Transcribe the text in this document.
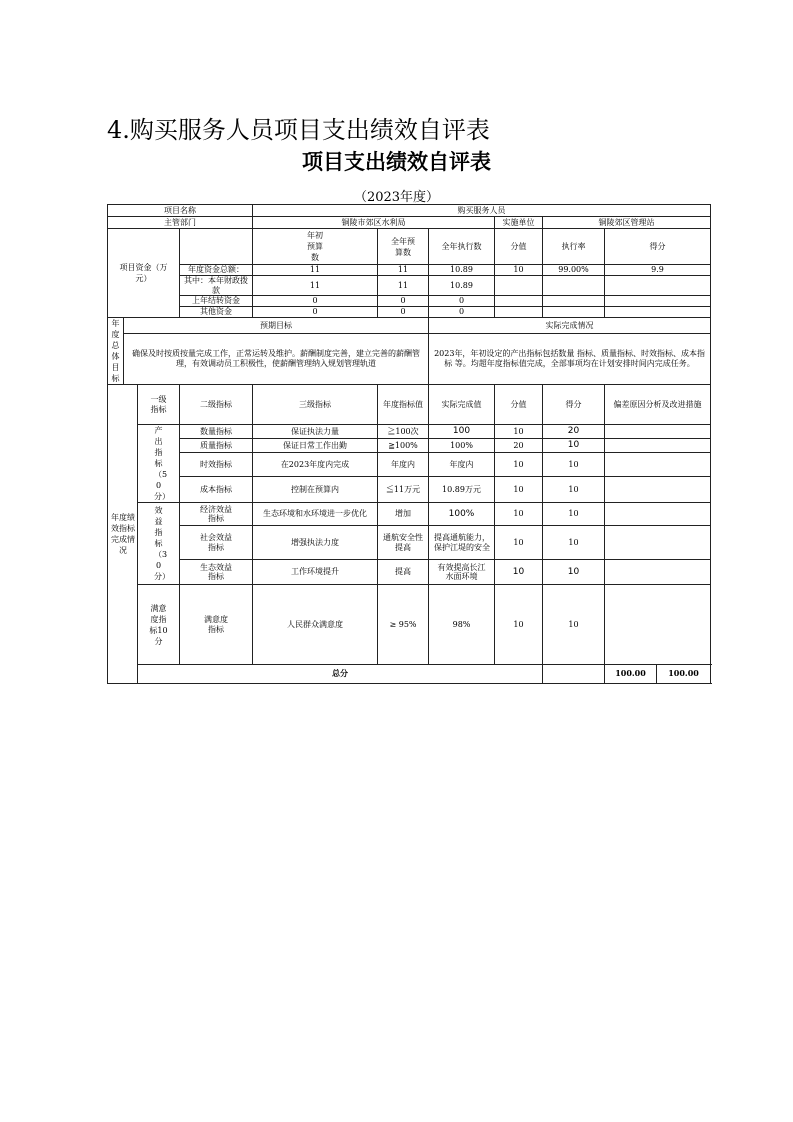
4.购买服务人员项目支出绩效自评表
项目支出绩效自评表
（2023年度）
项目名称				购买服务人员							
主管部门				铜陵市郊区水利局			实施单位	铜陵郊区管理站			
项目资金（万元）				年初预算数	全年预算数	全年执行数	分值	执行率	得分		
			年度资金总额：	11	11	10.89	10	99.00%	9.9		
			其中：本年财政拨款	11	11	10.89					
			上年结转资金	0	0	0					
			其他资金	0	0	0					
年度总体目标	预期目标					实际完成情况					
	确保及时按质按量完成工作，正常运转及维护。薪酬制度完善，建立完善的薪酬管理，有效调动员工积极性，使薪酬管理纳入规划管理轨道					2023年，年初设定的产出指标包括数量 指标、质量指标、时效指标、成本指标 等。均超年度指标值完成，全部事项均在计划安排时间内完成任务。					
年度绩效指标完成情况		一级指标	二级指标	三级指标	年度指标值	实际完成值	分值	得分	偏差原因分析及改进措施		
		产出指标（50分）	数量指标	保证执法力量	≧100次	100	10	20			
			质量指标	保证日常工作出勤	≧100%	100%	20	10			
			时效指标	在2023年度内完成	年度内	年度内	10	10			
			成本指标	控制在预算内	≦11万元	10.89万元	10	10			
		效益指标（30分）	经济效益指标	生态环境和水环境进一步优化	增加	100%	10	10			
			社会效益指标	增强执法力度	通航安全性提高	提高通航能力，保护江堤的安全	10	10			
			生态效益指标	工作环境提升	提高	有效提高长江水面环境	10	10			
		满意度指标10分	满意度指标	人民群众满意度	≥ 95%	98%	10	10			
		总分							100.00	100.00	
